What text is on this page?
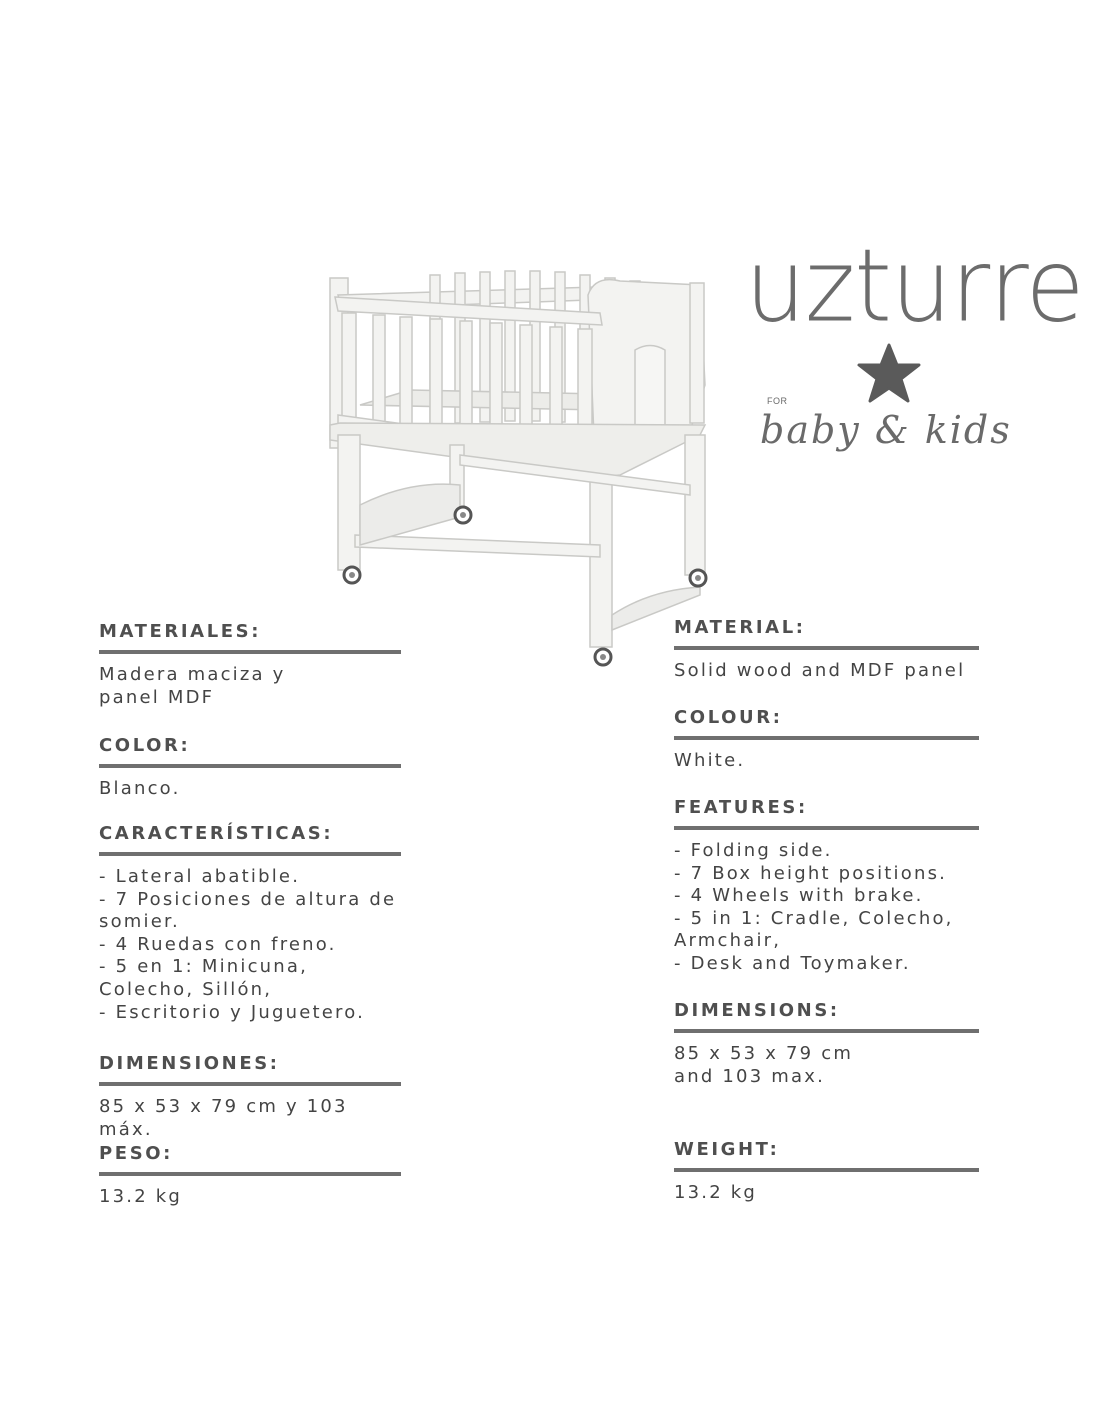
uzturre
FOR
baby & kids
MATERIALES:
Madera maciza y
panel MDF
COLOR:
Blanco.
CARACTERÍSTICAS:
- Lateral abatible.
- 7 Posiciones de altura de somier.
- 4 Ruedas con freno.
- 5 en 1: Minicuna,
Colecho, Sillón,
- Escritorio y Juguetero.
DIMENSIONES:
85 x 53 x 79 cm y 103 máx.
PESO:
13.2 kg
MATERIAL:
Solid wood and MDF panel
COLOUR:
White.
FEATURES:
- Folding side.
- 7 Box height positions.
- 4 Wheels with brake.
- 5 in 1: Cradle, Colecho,
Armchair,
- Desk and Toymaker.
DIMENSIONS:
85 x 53 x 79 cm
and 103 max.
WEIGHT:
13.2 kg
